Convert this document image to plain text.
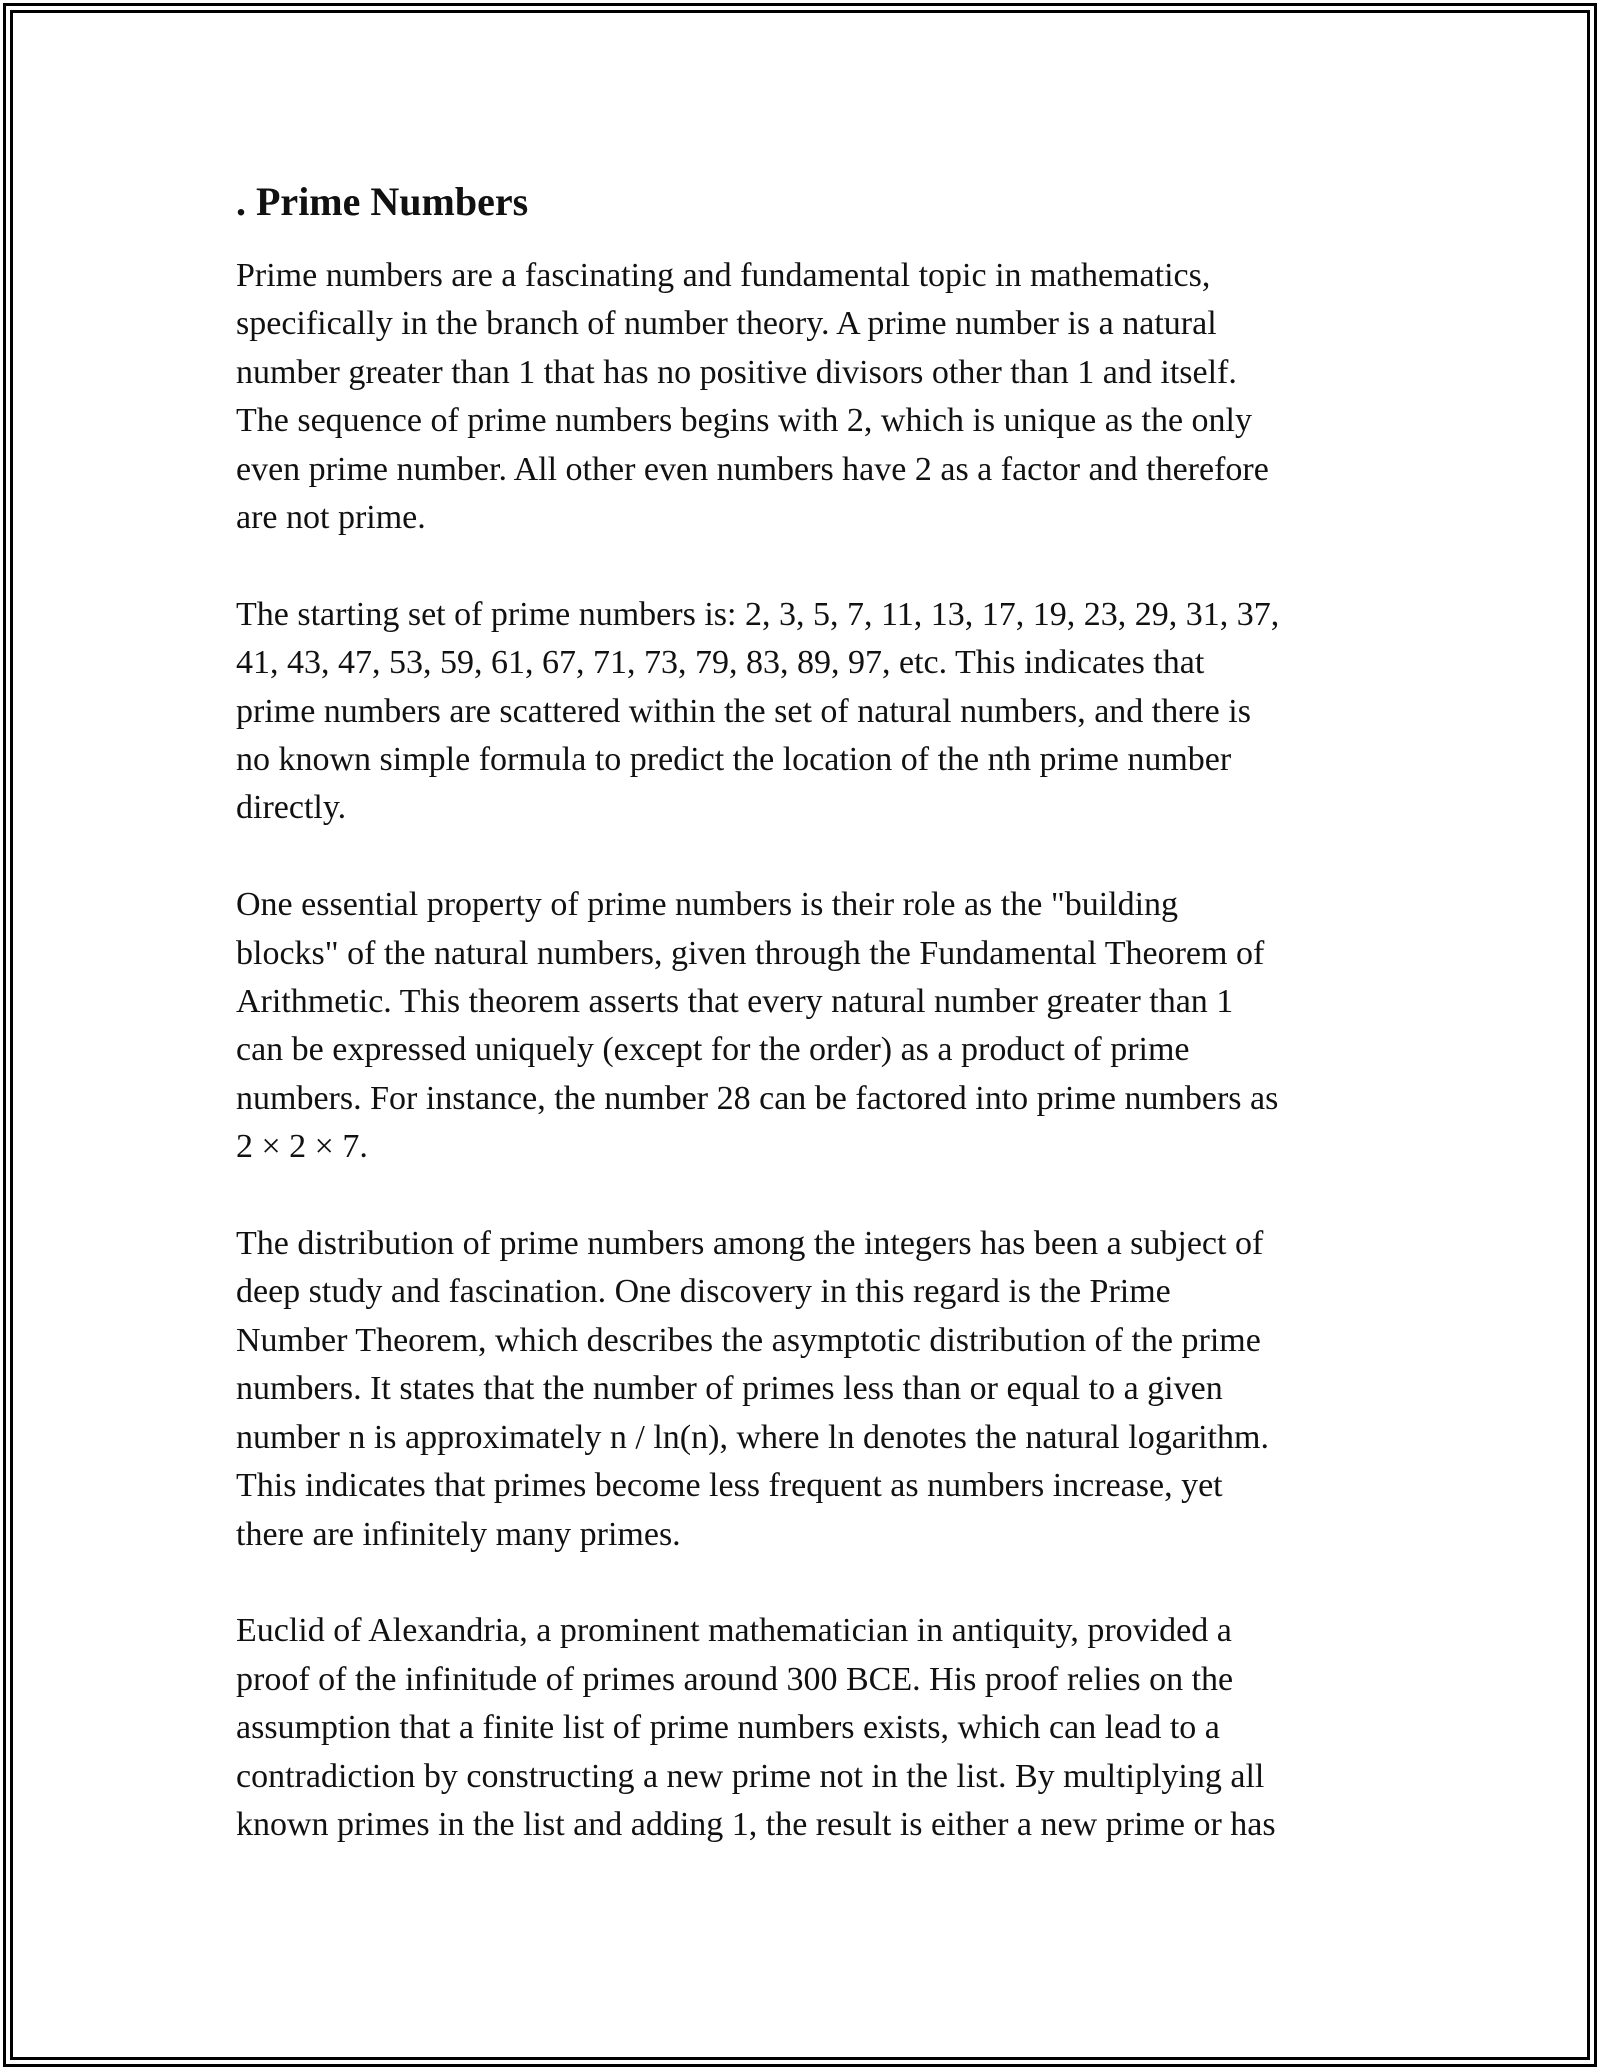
. Prime Numbers

Prime numbers are a fascinating and fundamental topic in mathematics,
specifically in the branch of number theory. A prime number is a natural
number greater than 1 that has no positive divisors other than 1 and itself.
The sequence of prime numbers begins with 2, which is unique as the only
even prime number. All other even numbers have 2 as a factor and therefore
are not prime.

The starting set of prime numbers is: 2, 3, 5, 7, 11, 13, 17, 19, 23, 29, 31, 37,
41, 43, 47, 53, 59, 61, 67, 71, 73, 79, 83, 89, 97, etc. This indicates that
prime numbers are scattered within the set of natural numbers, and there is
no known simple formula to predict the location of the nth prime number
directly.

One essential property of prime numbers is their role as the "building
blocks" of the natural numbers, given through the Fundamental Theorem of
Arithmetic. This theorem asserts that every natural number greater than 1
can be expressed uniquely (except for the order) as a product of prime
numbers. For instance, the number 28 can be factored into prime numbers as
2 × 2 × 7.

The distribution of prime numbers among the integers has been a subject of
deep study and fascination. One discovery in this regard is the Prime
Number Theorem, which describes the asymptotic distribution of the prime
numbers. It states that the number of primes less than or equal to a given
number n is approximately n / ln(n), where ln denotes the natural logarithm.
This indicates that primes become less frequent as numbers increase, yet
there are infinitely many primes.

Euclid of Alexandria, a prominent mathematician in antiquity, provided a
proof of the infinitude of primes around 300 BCE. His proof relies on the
assumption that a finite list of prime numbers exists, which can lead to a
contradiction by constructing a new prime not in the list. By multiplying all
known primes in the list and adding 1, the result is either a new prime or has
